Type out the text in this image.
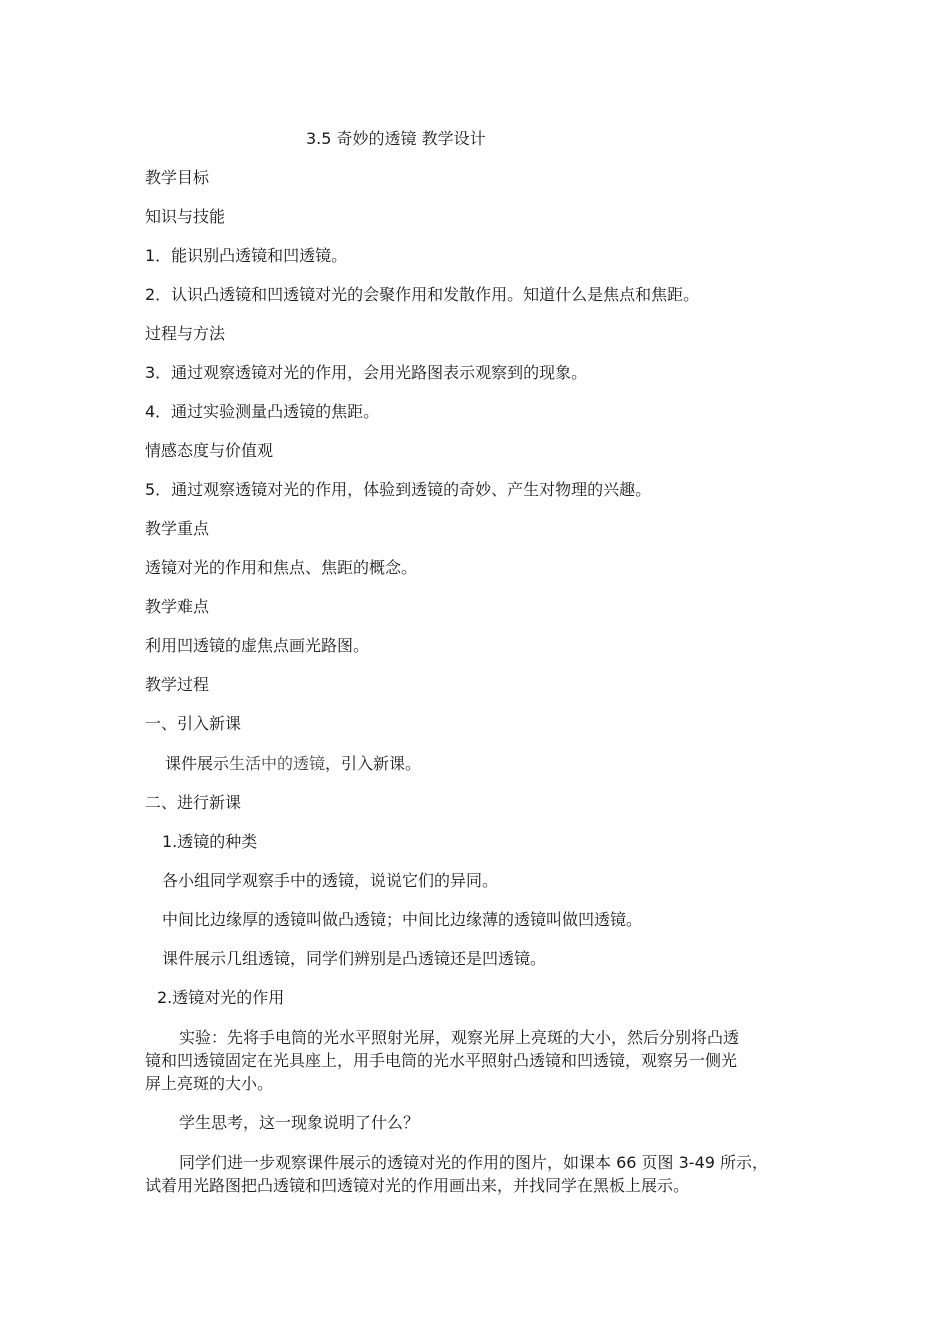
3.5 奇妙的透镜 教学设计
教学目标
知识与技能
1．能识别凸透镜和凹透镜。
2．认识凸透镜和凹透镜对光的会聚作用和发散作用。知道什么是焦点和焦距。
过程与方法
3．通过观察透镜对光的作用，会用光路图表示观察到的现象。
4．通过实验测量凸透镜的焦距。
情感态度与价值观
5．通过观察透镜对光的作用，体验到透镜的奇妙、产生对物理的兴趣。
教学重点
透镜对光的作用和焦点、焦距的概念。
教学难点
利用凹透镜的虚焦点画光路图。
教学过程
一、引入新课
课件展示生活中的透镜，引入新课。
二、进行新课
1.透镜的种类
各小组同学观察手中的透镜，说说它们的异同。
中间比边缘厚的透镜叫做凸透镜；中间比边缘薄的透镜叫做凹透镜。
课件展示几组透镜，同学们辨别是凸透镜还是凹透镜。
2.透镜对光的作用
实验：先将手电筒的光水平照射光屏，观察光屏上亮斑的大小，然后分别将凸透
镜和凹透镜固定在光具座上，用手电筒的光水平照射凸透镜和凹透镜，观察另一侧光
屏上亮斑的大小。
学生思考，这一现象说明了什么？
同学们进一步观察课件展示的透镜对光的作用的图片，如课本 66 页图 3-49 所示，
试着用光路图把凸透镜和凹透镜对光的作用画出来，并找同学在黑板上展示。
